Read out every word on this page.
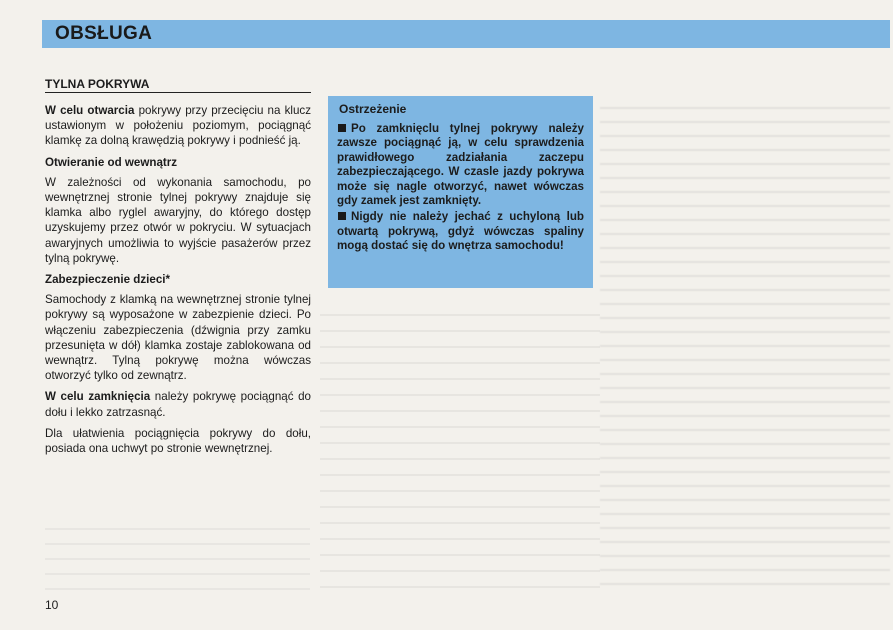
OBSŁUGA
TYLNA POKRYWA

W celu otwarcia pokrywy przy przecięciu na klucz ustawionym w położeniu poziomym, pociągnąć klamkę za dolną krawędzią pokrywy i podnieść ją.

Otwieranie od wewnątrz

W zależności od wykonania samochodu, po wewnętrznej stronie tylnej pokrywy znajduje się klamka albo ryglel awaryjny, do którego dostęp uzyskujemy przez otwór w pokryciu. W sytuacjach awaryjnych umożliwia to wyjście pasażerów przez tylną pokrywę.

Zabezpieczenie dzieci*

Samochody z klamką na wewnętrznej stronie tylnej pokrywy są wyposażone w zabezpienie dzieci. Po włączeniu zabezpieczenia (dźwignia przy zamku przesunięta w dół) klamka zostaje zablokowana od wewnątrz. Tylną pokrywę można wówczas otworzyć tylko od zewnątrz.

W celu zamknięcia należy pokrywę pociągnąć do dołu i lekko zatrzasnąć.

Dla ułatwienia pociągnięcia pokrywy do dołu, posiada ona uchwyt po stronie wewnętrznej.

Ostrzeżenie
Po zamknięclu tylnej pokrywy należy zawsze pociągnąć ją, w celu sprawdzenia prawidłowego zadziałania zaczepu zabezpieczającego. W czasle jazdy pokrywa może się nagle otworzyć, nawet wówczas gdy zamek jest zamknięty.
Nigdy nie należy jechać z uchyloną lub otwartą pokrywą, gdyż wówczas spaliny mogą dostać się do wnętrza samochodu!
10
